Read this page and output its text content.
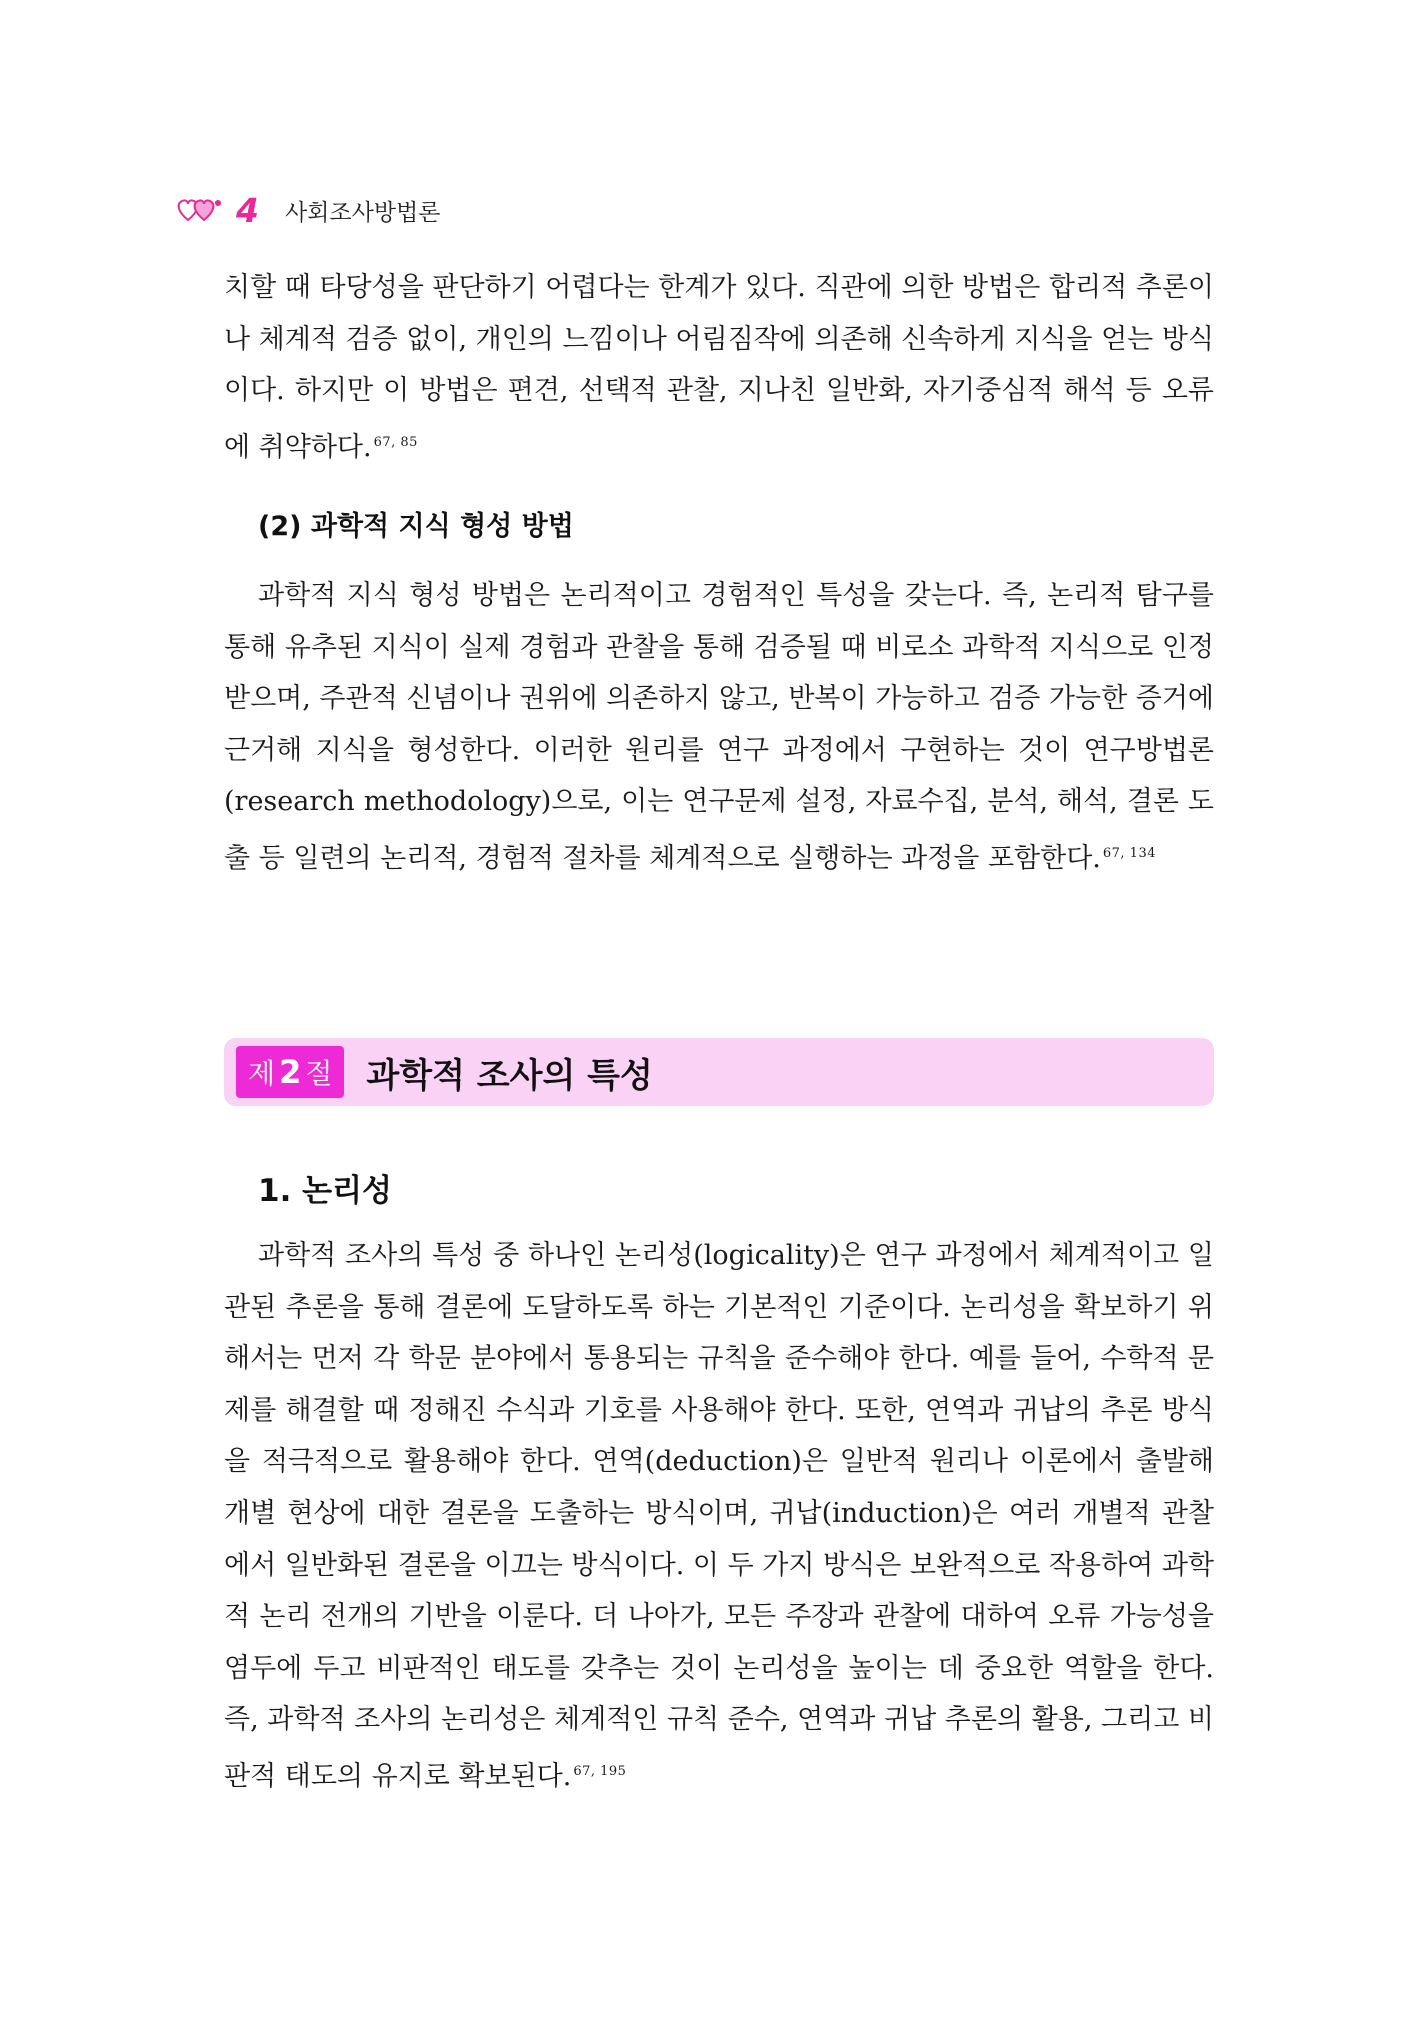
4 사회조사방법론

치할 때 타당성을 판단하기 어렵다는 한계가 있다. 직관에 의한 방법은 합리적 추론이나 체계적 검증 없이, 개인의 느낌이나 어림짐작에 의존해 신속하게 지식을 얻는 방식이다. 하지만 이 방법은 편견, 선택적 관찰, 지나친 일반화, 자기중심적 해석 등 오류에 취약하다. $^{67, 85}$

(2) 과학적 지식 형성 방법

과학적 지식 형성 방법은 논리적이고 경험적인 특성을 갖는다. 즉, 논리적 탐구를 통해 유추된 지식이 실제 경험과 관찰을 통해 검증될 때 비로소 과학적 지식으로 인정받으며, 주관적 신념이나 권위에 의존하지 않고, 반복이 가능하고 검증 가능한 증거에 근거해 지식을 형성한다. 이러한 원리를 연구 과정에서 구현하는 것이 연구방법론(research methodology)으로, 이는 연구문제 설정, 자료수집, 분석, 해석, 결론 도출 등 일련의 논리적, 경험적 절차를 체계적으로 실행하는 과정을 포함한다. $^{67, 134}$

제 2 절 과학적 조사의 특성
1. 논리성

과학적 조사의 특성 중 하나인 논리성(logicality)은 연구 과정에서 체계적이고 일관된 추론을 통해 결론에 도달하도록 하는 기본적인 기준이다. 논리성을 확보하기 위해서는 먼저 각 학문 분야에서 통용되는 규칙을 준수해야 한다. 예를 들어, 수학적 문제를 해결할 때 정해진 수식과 기호를 사용해야 한다. 또한, 연역과 귀납의 추론 방식을 적극적으로 활용해야 한다. 연역(deduction)은 일반적 원리나 이론에서 출발해 개별 현상에 대한 결론을 도출하는 방식이며, 귀납(induction)은 여러 개별적 관찰에서 일반화된 결론을 이끄는 방식이다. 이 두 가지 방식은 보완적으로 작용하여 과학적 논리 전개의 기반을 이룬다. 더 나아가, 모든 주장과 관찰에 대하여 오류 가능성을 염두에 두고 비판적인 태도를 갖추는 것이 논리성을 높이는 데 중요한 역할을 한다. 즉, 과학적 조사의 논리성은 체계적인 규칙 준수, 연역과 귀납 추론의 활용, 그리고 비판적 태도의 유지로 확보된다. $^{67, 195}$
